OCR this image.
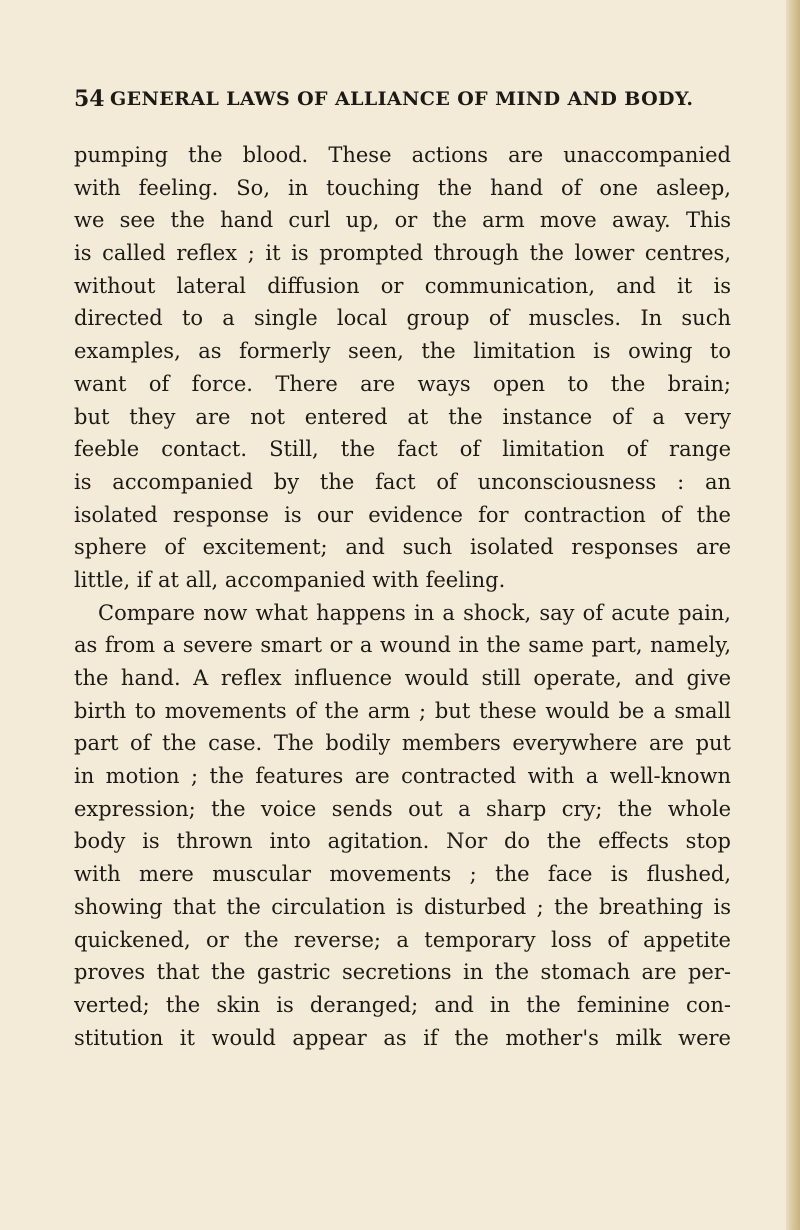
54 GENERAL LAWS OF ALLIANCE OF MIND AND BODY.
pumping the blood. These actions are unaccompanied
with feeling. So, in touching the hand of one asleep,
we see the hand curl up, or the arm move away. This
is called reflex ; it is prompted through the lower centres,
without lateral diffusion or communication, and it is
directed to a single local group of muscles. In such
examples, as formerly seen, the limitation is owing to
want of force. There are ways open to the brain;
but they are not entered at the instance of a very
feeble contact. Still, the fact of limitation of range
is accompanied by the fact of unconsciousness : an
isolated response is our evidence for contraction of the
sphere of excitement; and such isolated responses are
little, if at all, accompanied with feeling.
Compare now what happens in a shock, say of acute pain,
as from a severe smart or a wound in the same part, namely,
the hand. A reflex influence would still operate, and give
birth to movements of the arm ; but these would be a small
part of the case. The bodily members everywhere are put
in motion ; the features are contracted with a well-known
expression; the voice sends out a sharp cry; the whole
body is thrown into agitation. Nor do the effects stop
with mere muscular movements ; the face is flushed,
showing that the circulation is disturbed ; the breathing is
quickened, or the reverse; a temporary loss of appetite
proves that the gastric secretions in the stomach are per-
verted; the skin is deranged; and in the feminine con-
stitution it would appear as if the mother's milk were
